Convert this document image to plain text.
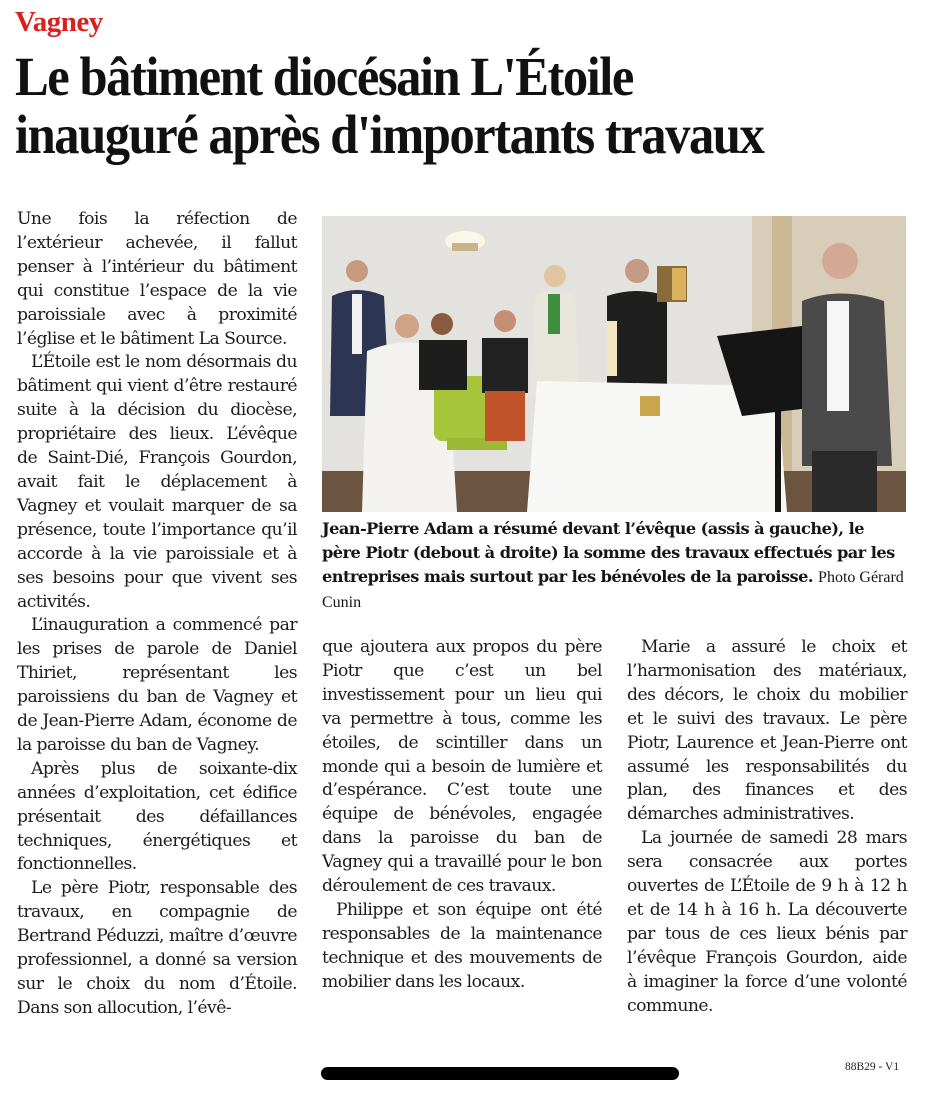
Vagney
Le bâtiment diocésain L'Étoile
inauguré après d'importants travaux

Une fois la réfection de l’extérieur achevée, il fallut penser à l’intérieur du bâtiment qui constitue l’espace de la vie paroissiale avec à proximité l’église et le bâtiment La Source.

L’Étoile est le nom désormais du bâtiment qui vient d’être restauré suite à la décision du diocèse, propriétaire des lieux. L’évêque de Saint-Dié, François Gourdon, avait fait le déplacement à Vagney et voulait marquer de sa présence, toute l’importance qu’il accorde à la vie paroissiale et à ses besoins pour que vivent ses activités.

L’inauguration a commencé par les prises de parole de Daniel Thiriet, représentant les paroissiens du ban de Vagney et de Jean-Pierre Adam, économe de la paroisse du ban de Vagney.

Après plus de soixante-dix années d’exploitation, cet édifice présentait des défaillances techniques, énergétiques et fonctionnelles.

Le père Piotr, responsable des travaux, en compagnie de Bertrand Péduzzi, maître d’œuvre professionnel, a donné sa version sur le choix du nom d’Étoile. Dans son allocution, l’évê-

Jean-Pierre Adam a résumé devant l’évêque (assis à gauche), le père Piotr (debout à droite) la somme des travaux effectués par les entreprises mais surtout par les bénévoles de la paroisse. Photo Gérard Cunin

que ajoutera aux propos du père Piotr que c’est un bel investissement pour un lieu qui va permettre à tous, comme les étoiles, de scintiller dans un monde qui a besoin de lumière et d’espérance. C’est toute une équipe de bénévoles, engagée dans la paroisse du ban de Vagney qui a travaillé pour le bon déroulement de ces travaux.

Philippe et son équipe ont été responsables de la maintenance technique et des mouvements de mobilier dans les locaux.

Marie a assuré le choix et l’harmonisation des matériaux, des décors, le choix du mobilier et le suivi des travaux. Le père Piotr, Laurence et Jean-Pierre ont assumé les responsabilités du plan, des finances et des démarches administratives.

La journée de samedi 28 mars sera consacrée aux portes ouvertes de L’Étoile de 9 h à 12 h et de 14 h à 16 h. La découverte par tous de ces lieux bénis par l’évêque François Gourdon, aide à imaginer la force d’une volonté commune.

88B29 - V1
